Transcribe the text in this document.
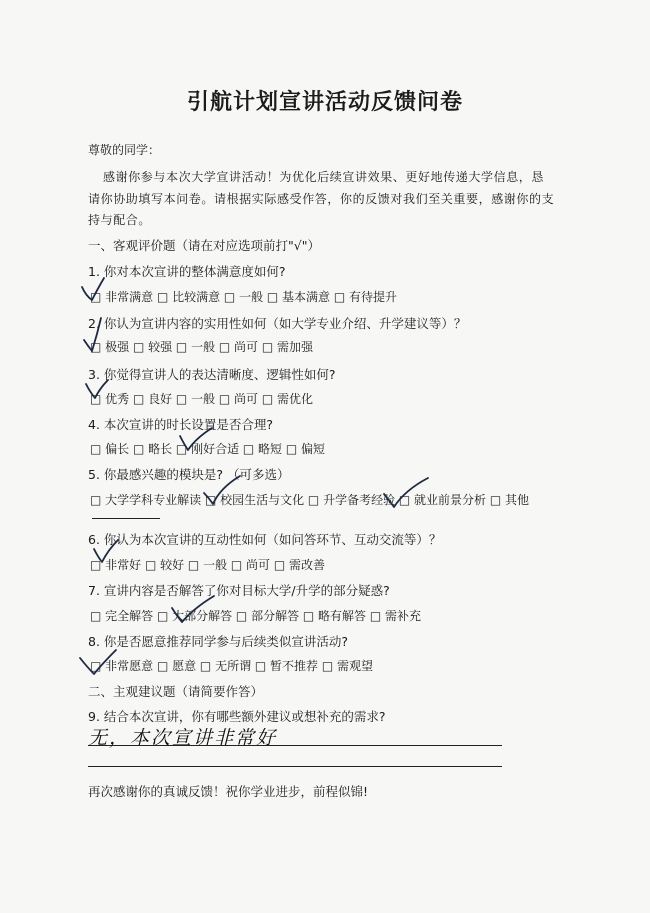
引航计划宣讲活动反馈问卷
尊敬的同学：
感谢你参与本次大学宣讲活动！为优化后续宣讲效果、更好地传递大学信息，恳
请你协助填写本问卷。请根据实际感受作答，你的反馈对我们至关重要，感谢你的支
持与配合。
一、客观评价题（请在对应选项前打"√"）
1. 你对本次宣讲的整体满意度如何?
□ 非常满意 □ 比较满意 □ 一般 □ 基本满意 □ 有待提升
2. 你认为宣讲内容的实用性如何（如大学专业介绍、升学建议等）？
□ 极强 □ 较强 □ 一般 □ 尚可 □ 需加强
3. 你觉得宣讲人的表达清晰度、逻辑性如何?
□ 优秀 □ 良好 □ 一般 □ 尚可 □ 需优化
4. 本次宣讲的时长设置是否合理?
□ 偏长 □ 略长 □ 刚好合适 □ 略短 □ 偏短
5. 你最感兴趣的模块是? （可多选）
□ 大学学科专业解读 □ 校园生活与文化 □ 升学备考经验 □ 就业前景分析 □ 其他
6. 你认为本次宣讲的互动性如何（如问答环节、互动交流等）？
□ 非常好 □ 较好 □ 一般 □ 尚可 □ 需改善
7. 宣讲内容是否解答了你对目标大学/升学的部分疑惑?
□ 完全解答 □ 大部分解答 □ 部分解答 □ 略有解答 □ 需补充
8. 你是否愿意推荐同学参与后续类似宣讲活动?
□ 非常愿意 □ 愿意 □ 无所谓 □ 暂不推荐 □ 需观望
二、主观建议题（请简要作答）
9. 结合本次宣讲，你有哪些额外建议或想补充的需求?
无，本次宣讲非常好
再次感谢你的真诚反馈！祝你学业进步，前程似锦!
